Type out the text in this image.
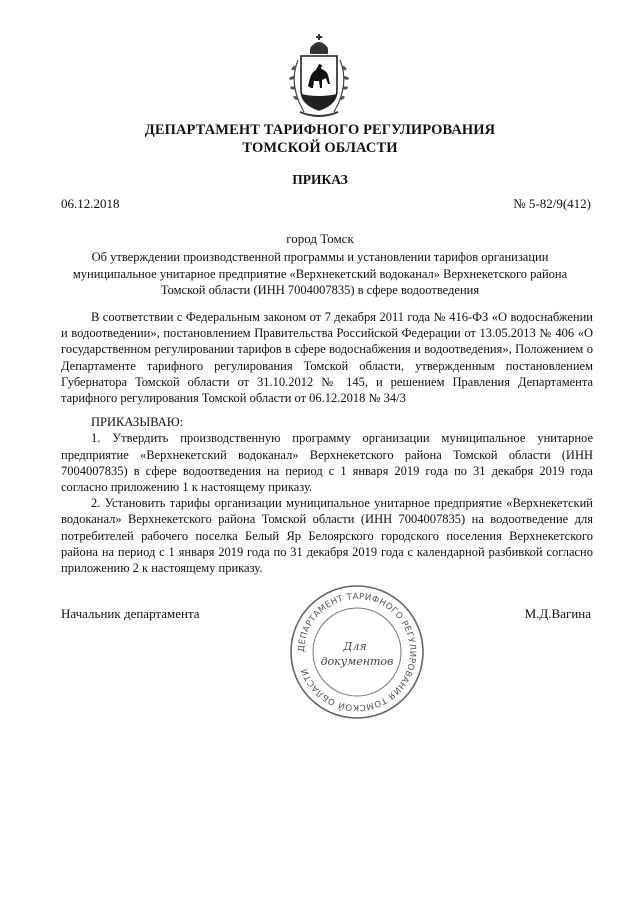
ДЕПАРТАМЕНТ ТАРИФНОГО РЕГУЛИРОВАНИЯ
ТОМСКОЙ ОБЛАСТИ
ПРИКАЗ
06.12.2018	№ 5-82/9(412)
город Томск
Об утверждении производственной программы и установлении тарифов организации
муниципальное унитарное предприятие «Верхнекетский водоканал» Верхнекетского района
Томской области (ИНН 7004007835) в сфере водоотведения

В соответствии с Федеральным законом от 7 декабря 2011 года № 416-ФЗ «О водоснабжении и водоотведении», постановлением Правительства Российской Федерации от 13.05.2013 № 406 «О государственном регулировании тарифов в сфере водоснабжения и водоотведения», Положением о Департаменте тарифного регулирования Томской области, утвержденным постановлением Губернатора Томской области от 31.10.2012 № 145, и решением Правления Департамента тарифного регулирования Томской области от 06.12.2018 № 34/3

ПРИКАЗЫВАЮ:

1. Утвердить производственную программу организации муниципальное унитарное предприятие «Верхнекетский водоканал» Верхнекетского района Томской области (ИНН 7004007835) в сфере водоотведения на период с 1 января 2019 года по 31 декабря 2019 года согласно приложению 1 к настоящему приказу.

2. Установить тарифы организации муниципальное унитарное предприятие «Верхнекетский водоканал» Верхнекетского района Томской области (ИНН 7004007835) на водоотведение для потребителей рабочего поселка Белый Яр Белоярского городского поселения Верхнекетского района на период с 1 января 2019 года по 31 декабря 2019 года с календарной разбивкой согласно приложению 2 к настоящему приказу.

Начальник департамента	М.Д.Вагина
ДЕПАРТАМЕНТ ТАРИФНОГО РЕГУЛИРОВАНИЯ ТОМСКОЙ ОБЛАСТИ
Для
документов
